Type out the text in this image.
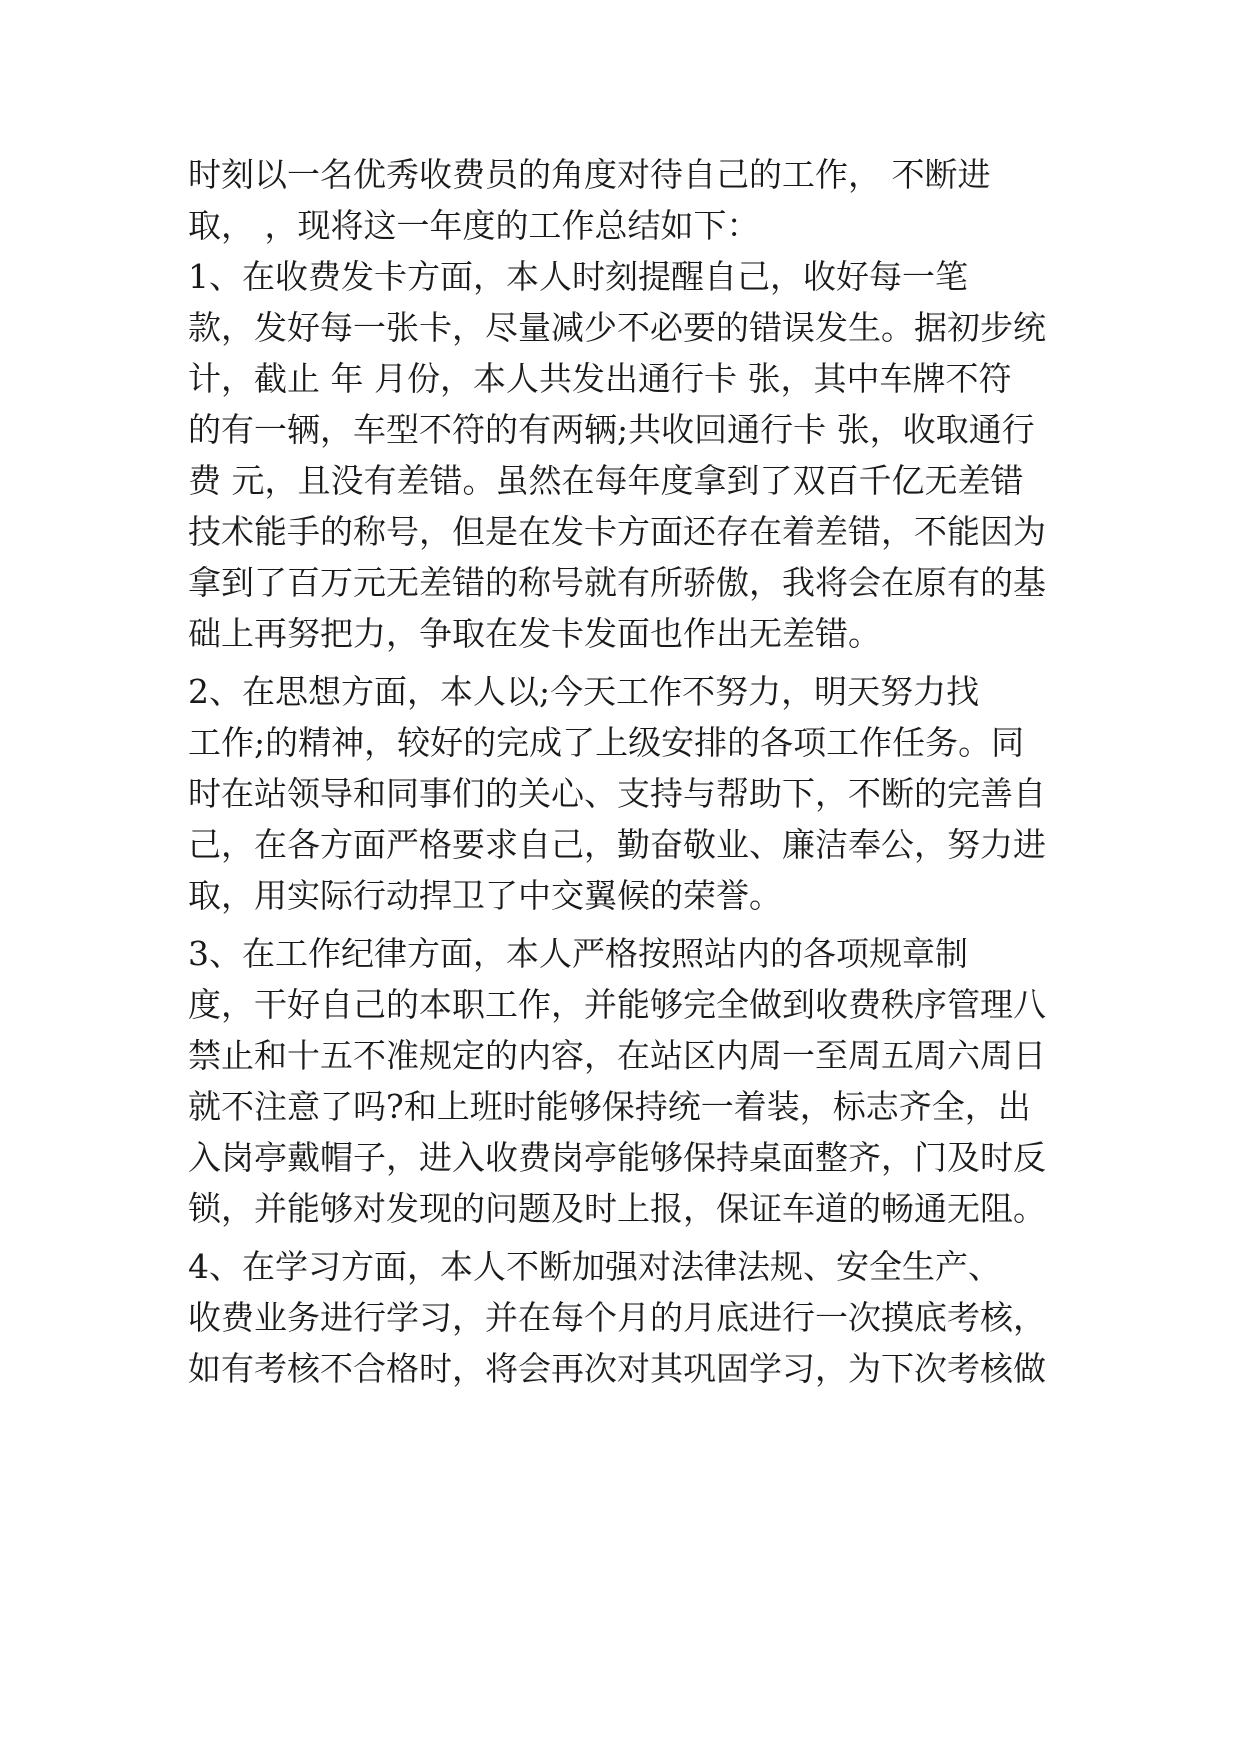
时刻以一名优秀收费员的角度对待自己的工作， 不断进
取， ，现将这一年度的工作总结如下：
1、在收费发卡方面，本人时刻提醒自己，收好每一笔
款，发好每一张卡，尽量减少不必要的错误发生。据初步统
计，截止 年 月份，本人共发出通行卡 张，其中车牌不符
的有一辆，车型不符的有两辆;共收回通行卡 张，收取通行
费 元，且没有差错。虽然在每年度拿到了双百千亿无差错
技术能手的称号，但是在发卡方面还存在着差错，不能因为
拿到了百万元无差错的称号就有所骄傲，我将会在原有的基
础上再努把力，争取在发卡发面也作出无差错。
2、在思想方面，本人以;今天工作不努力，明天努力找
工作;的精神，较好的完成了上级安排的各项工作任务。同
时在站领导和同事们的关心、支持与帮助下，不断的完善自
己，在各方面严格要求自己，勤奋敬业、廉洁奉公，努力进
取，用实际行动捍卫了中交翼候的荣誉。
3、在工作纪律方面，本人严格按照站内的各项规章制
度，干好自己的本职工作，并能够完全做到收费秩序管理八
禁止和十五不准规定的内容，在站区内周一至周五周六周日
就不注意了吗?和上班时能够保持统一着装，标志齐全，出
入岗亭戴帽子，进入收费岗亭能够保持桌面整齐，门及时反
锁，并能够对发现的问题及时上报，保证车道的畅通无阻。
4、在学习方面，本人不断加强对法律法规、安全生产、
收费业务进行学习，并在每个月的月底进行一次摸底考核，
如有考核不合格时，将会再次对其巩固学习，为下次考核做
